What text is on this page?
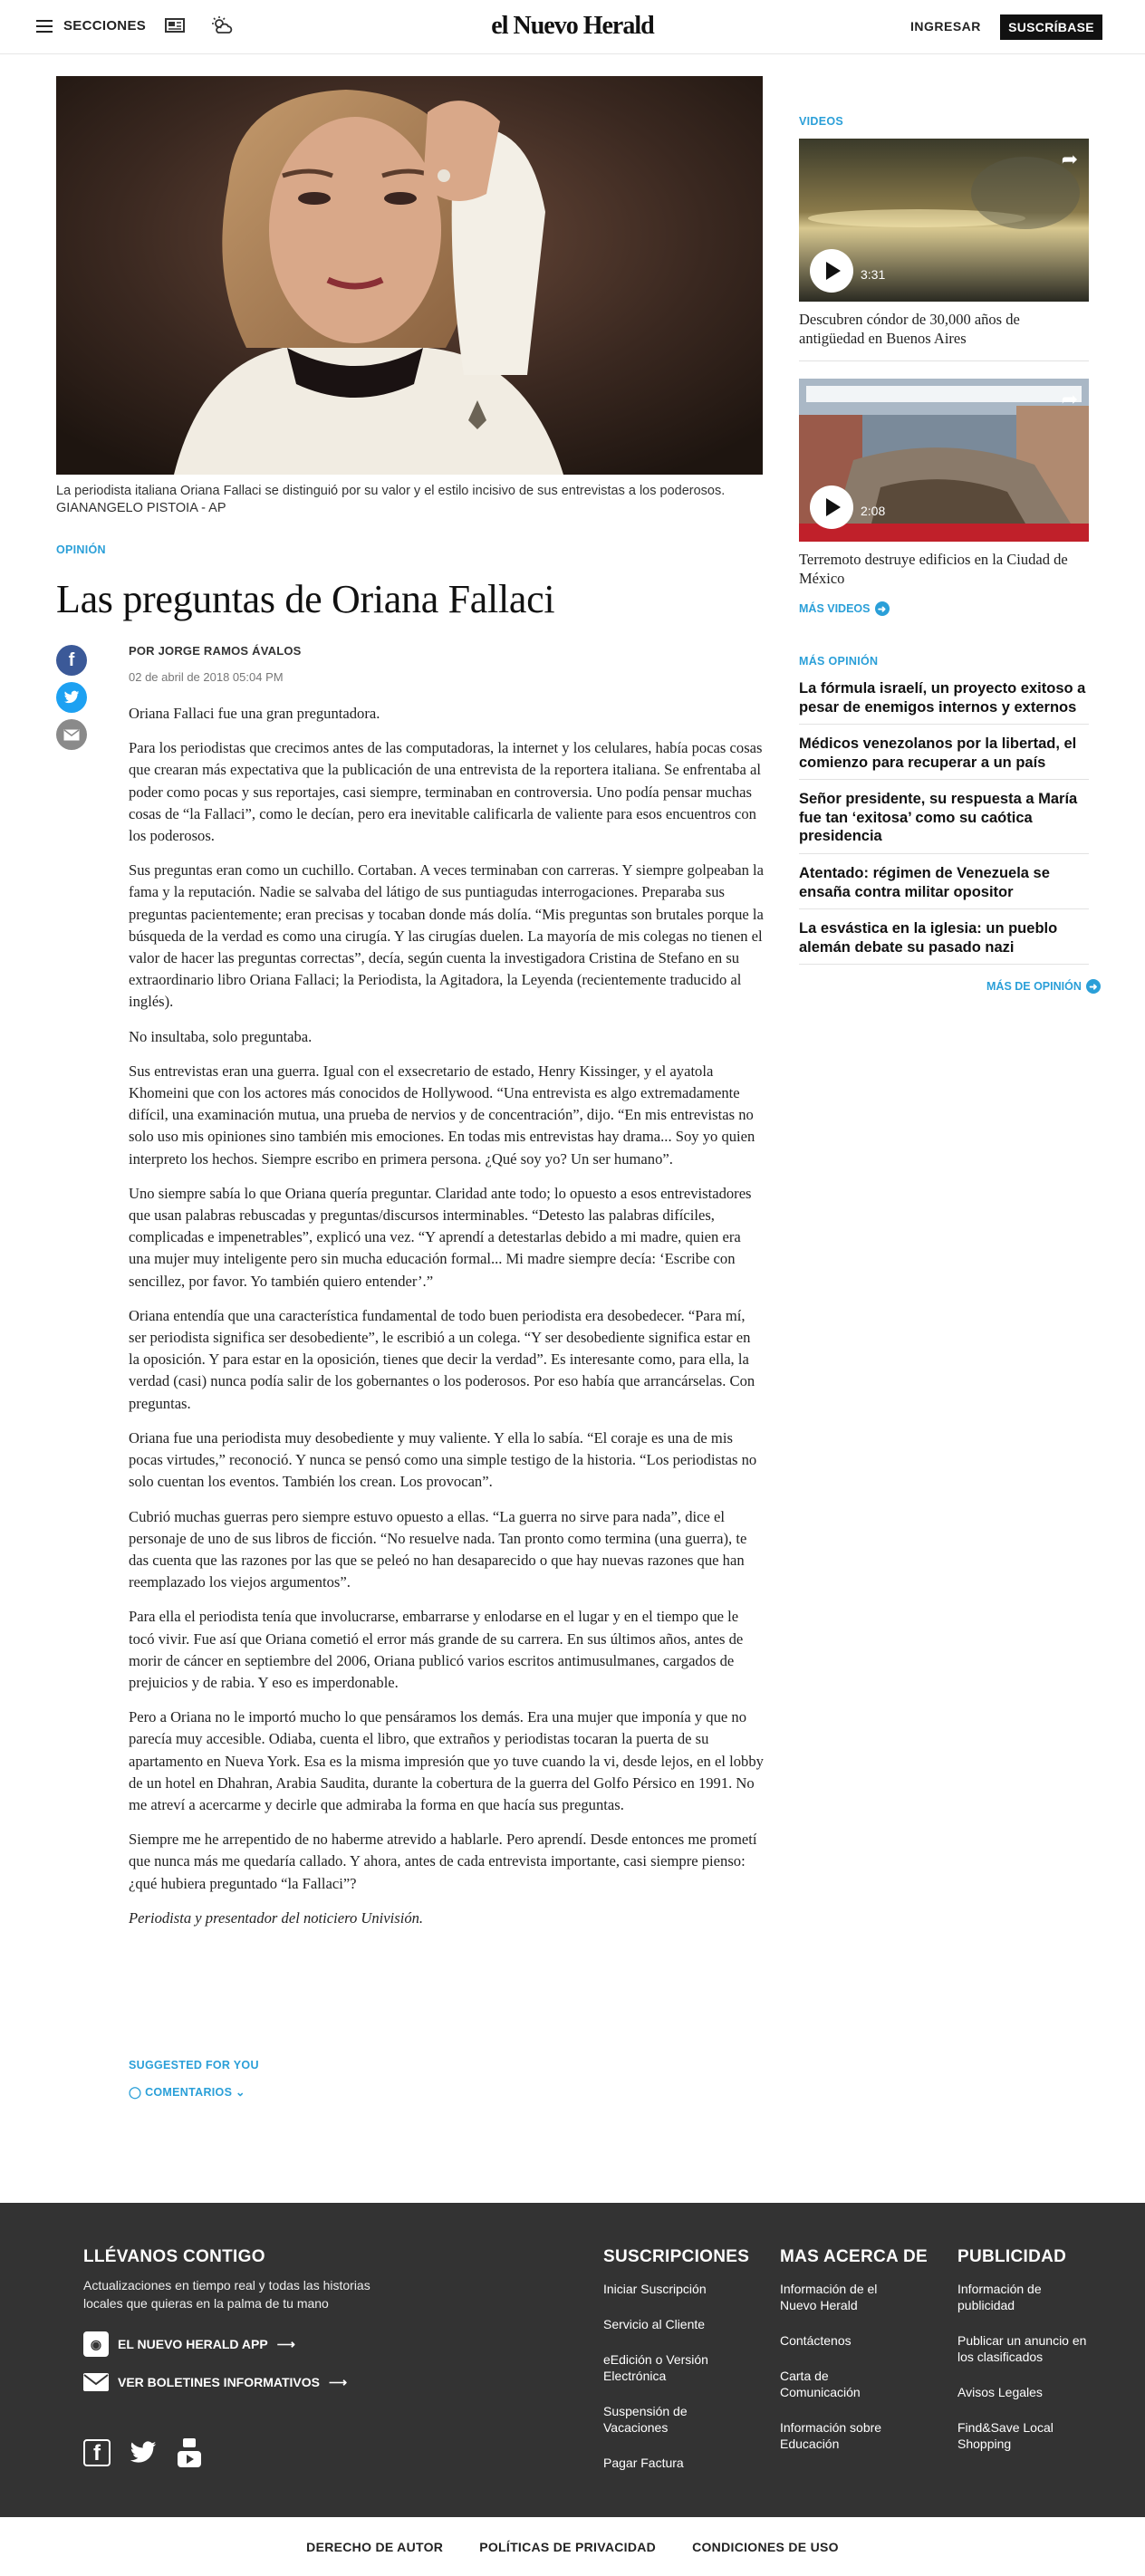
SECCIONES	el Nuevo Herald	INGRESAR	SUSCRÍBASE
La periodista italiana Oriana Fallaci se distinguió por su valor y el estilo incisivo de sus entrevistas a los poderosos.
GIANANGELO PISTOIA - AP
OPINIÓN
Las preguntas de Oriana Fallaci
f	POR JORGE RAMOS ÁVALOS
02 de abril de 2018 05:04 PM

Oriana Fallaci fue una gran preguntadora.

Para los periodistas que crecimos antes de las computadoras, la internet y los celulares, había pocas cosas que crearan más expectativa que la publicación de una entrevista de la reportera italiana. Se enfrentaba al poder como pocas y sus reportajes, casi siempre, terminaban en controversia. Uno podía pensar muchas cosas de “la Fallaci”, como le decían, pero era inevitable calificarla de valiente para esos encuentros con los poderosos.

Sus preguntas eran como un cuchillo. Cortaban. A veces terminaban con carreras. Y siempre golpeaban la fama y la reputación. Nadie se salvaba del látigo de sus puntiagudas interrogaciones. Preparaba sus preguntas pacientemente; eran precisas y tocaban donde más dolía. “Mis preguntas son brutales porque la búsqueda de la verdad es como una cirugía. Y las cirugías duelen. La mayoría de mis colegas no tienen el valor de hacer las preguntas correctas”, decía, según cuenta la investigadora Cristina de Stefano en su extraordinario libro Oriana Fallaci; la Periodista, la Agitadora, la Leyenda (recientemente traducido al inglés).

No insultaba, solo preguntaba.

Sus entrevistas eran una guerra. Igual con el exsecretario de estado, Henry Kissinger, y el ayatola Khomeini que con los actores más conocidos de Hollywood. “Una entrevista es algo extremadamente difícil, una examinación mutua, una prueba de nervios y de concentración”, dijo. “En mis entrevistas no solo uso mis opiniones sino también mis emociones. En todas mis entrevistas hay drama... Soy yo quien interpreto los hechos. Siempre escribo en primera persona. ¿Qué soy yo? Un ser humano”.

Uno siempre sabía lo que Oriana quería preguntar. Claridad ante todo; lo opuesto a esos entrevistadores que usan palabras rebuscadas y preguntas/discursos interminables. “Detesto las palabras difíciles, complicadas e impenetrables”, explicó una vez. “Y aprendí a detestarlas debido a mi madre, quien era una mujer muy inteligente pero sin mucha educación formal... Mi madre siempre decía: ‘Escribe con sencillez, por favor. Yo también quiero entender’.”

Oriana entendía que una característica fundamental de todo buen periodista era desobedecer. “Para mí, ser periodista significa ser desobediente”, le escribió a un colega. “Y ser desobediente significa estar en la oposición. Y para estar en la oposición, tienes que decir la verdad”. Es interesante como, para ella, la verdad (casi) nunca podía salir de los gobernantes o los poderosos. Por eso había que arrancárselas. Con preguntas.

Oriana fue una periodista muy desobediente y muy valiente. Y ella lo sabía. “El coraje es una de mis pocas virtudes,” reconoció. Y nunca se pensó como una simple testigo de la historia. “Los periodistas no solo cuentan los eventos. También los crean. Los provocan”.

Cubrió muchas guerras pero siempre estuvo opuesto a ellas. “La guerra no sirve para nada”, dice el personaje de uno de sus libros de ficción. “No resuelve nada. Tan pronto como termina (una guerra), te das cuenta que las razones por las que se peleó no han desaparecido o que hay nuevas razones que han reemplazado los viejos argumentos”.

Para ella el periodista tenía que involucrarse, embarrarse y enlodarse en el lugar y en el tiempo que le tocó vivir. Fue así que Oriana cometió el error más grande de su carrera. En sus últimos años, antes de morir de cáncer en septiembre del 2006, Oriana publicó varios escritos antimusulmanes, cargados de prejuicios y de rabia. Y eso es imperdonable.

Pero a Oriana no le importó mucho lo que pensáramos los demás. Era una mujer que imponía y que no parecía muy accesible. Odiaba, cuenta el libro, que extraños y periodistas tocaran la puerta de su apartamento en Nueva York. Esa es la misma impresión que yo tuve cuando la vi, desde lejos, en el lobby de un hotel en Dhahran, Arabia Saudita, durante la cobertura de la guerra del Golfo Pérsico en 1991. No me atreví a acercarme y decirle que admiraba la forma en que hacía sus preguntas.

Siempre me he arrepentido de no haberme atrevido a hablarle. Pero aprendí. Desde entonces me prometí que nunca más me quedaría callado. Y ahora, antes de cada entrevista importante, casi siempre pienso: ¿qué hubiera preguntado “la Fallaci”?

Periodista y presentador del noticiero Univisión.

SUGGESTED FOR YOU
◯ COMENTARIOS ⌄
VIDEOS
➦
3:31
Descubren cóndor de 30,000 años de antigüedad en Buenos Aires
➦
2:08
Terremoto destruye edificios en la Ciudad de México
MÁS VIDEOS ➜
MÁS OPINIÓN
La fórmula israelí, un proyecto exitoso a pesar de enemigos internos y externos
Médicos venezolanos por la libertad, el comienzo para recuperar a un país
Señor presidente, su respuesta a María fue tan ‘exitosa’ como su caótica presidencia
Atentado: régimen de Venezuela se ensaña contra militar opositor
La esvástica en la iglesia: un pueblo alemán debate su pasado nazi
MÁS DE OPINIÓN ➜
LLÉVANOS CONTIGO
Actualizaciones en tiempo real y todas las historias locales que quieras en la palma de tu mano
◉	EL NUEVO HERALD APP ⟶
VER BOLETINES INFORMATIVOS ⟶
f
SUSCRIPCIONES
Iniciar Suscripción
Servicio al Cliente
eEdición o Versión Electrónica
Suspensión de Vacaciones
Pagar Factura
MAS ACERCA DE
Información de el Nuevo Herald
Contáctenos
Carta de Comunicación
Información sobre Educación
PUBLICIDAD
Información de publicidad
Publicar un anuncio en los clasificados
Avisos Legales
Find&Save Local Shopping
DERECHO DE AUTOR	POLÍTICAS DE PRIVACIDAD	CONDICIONES DE USO
